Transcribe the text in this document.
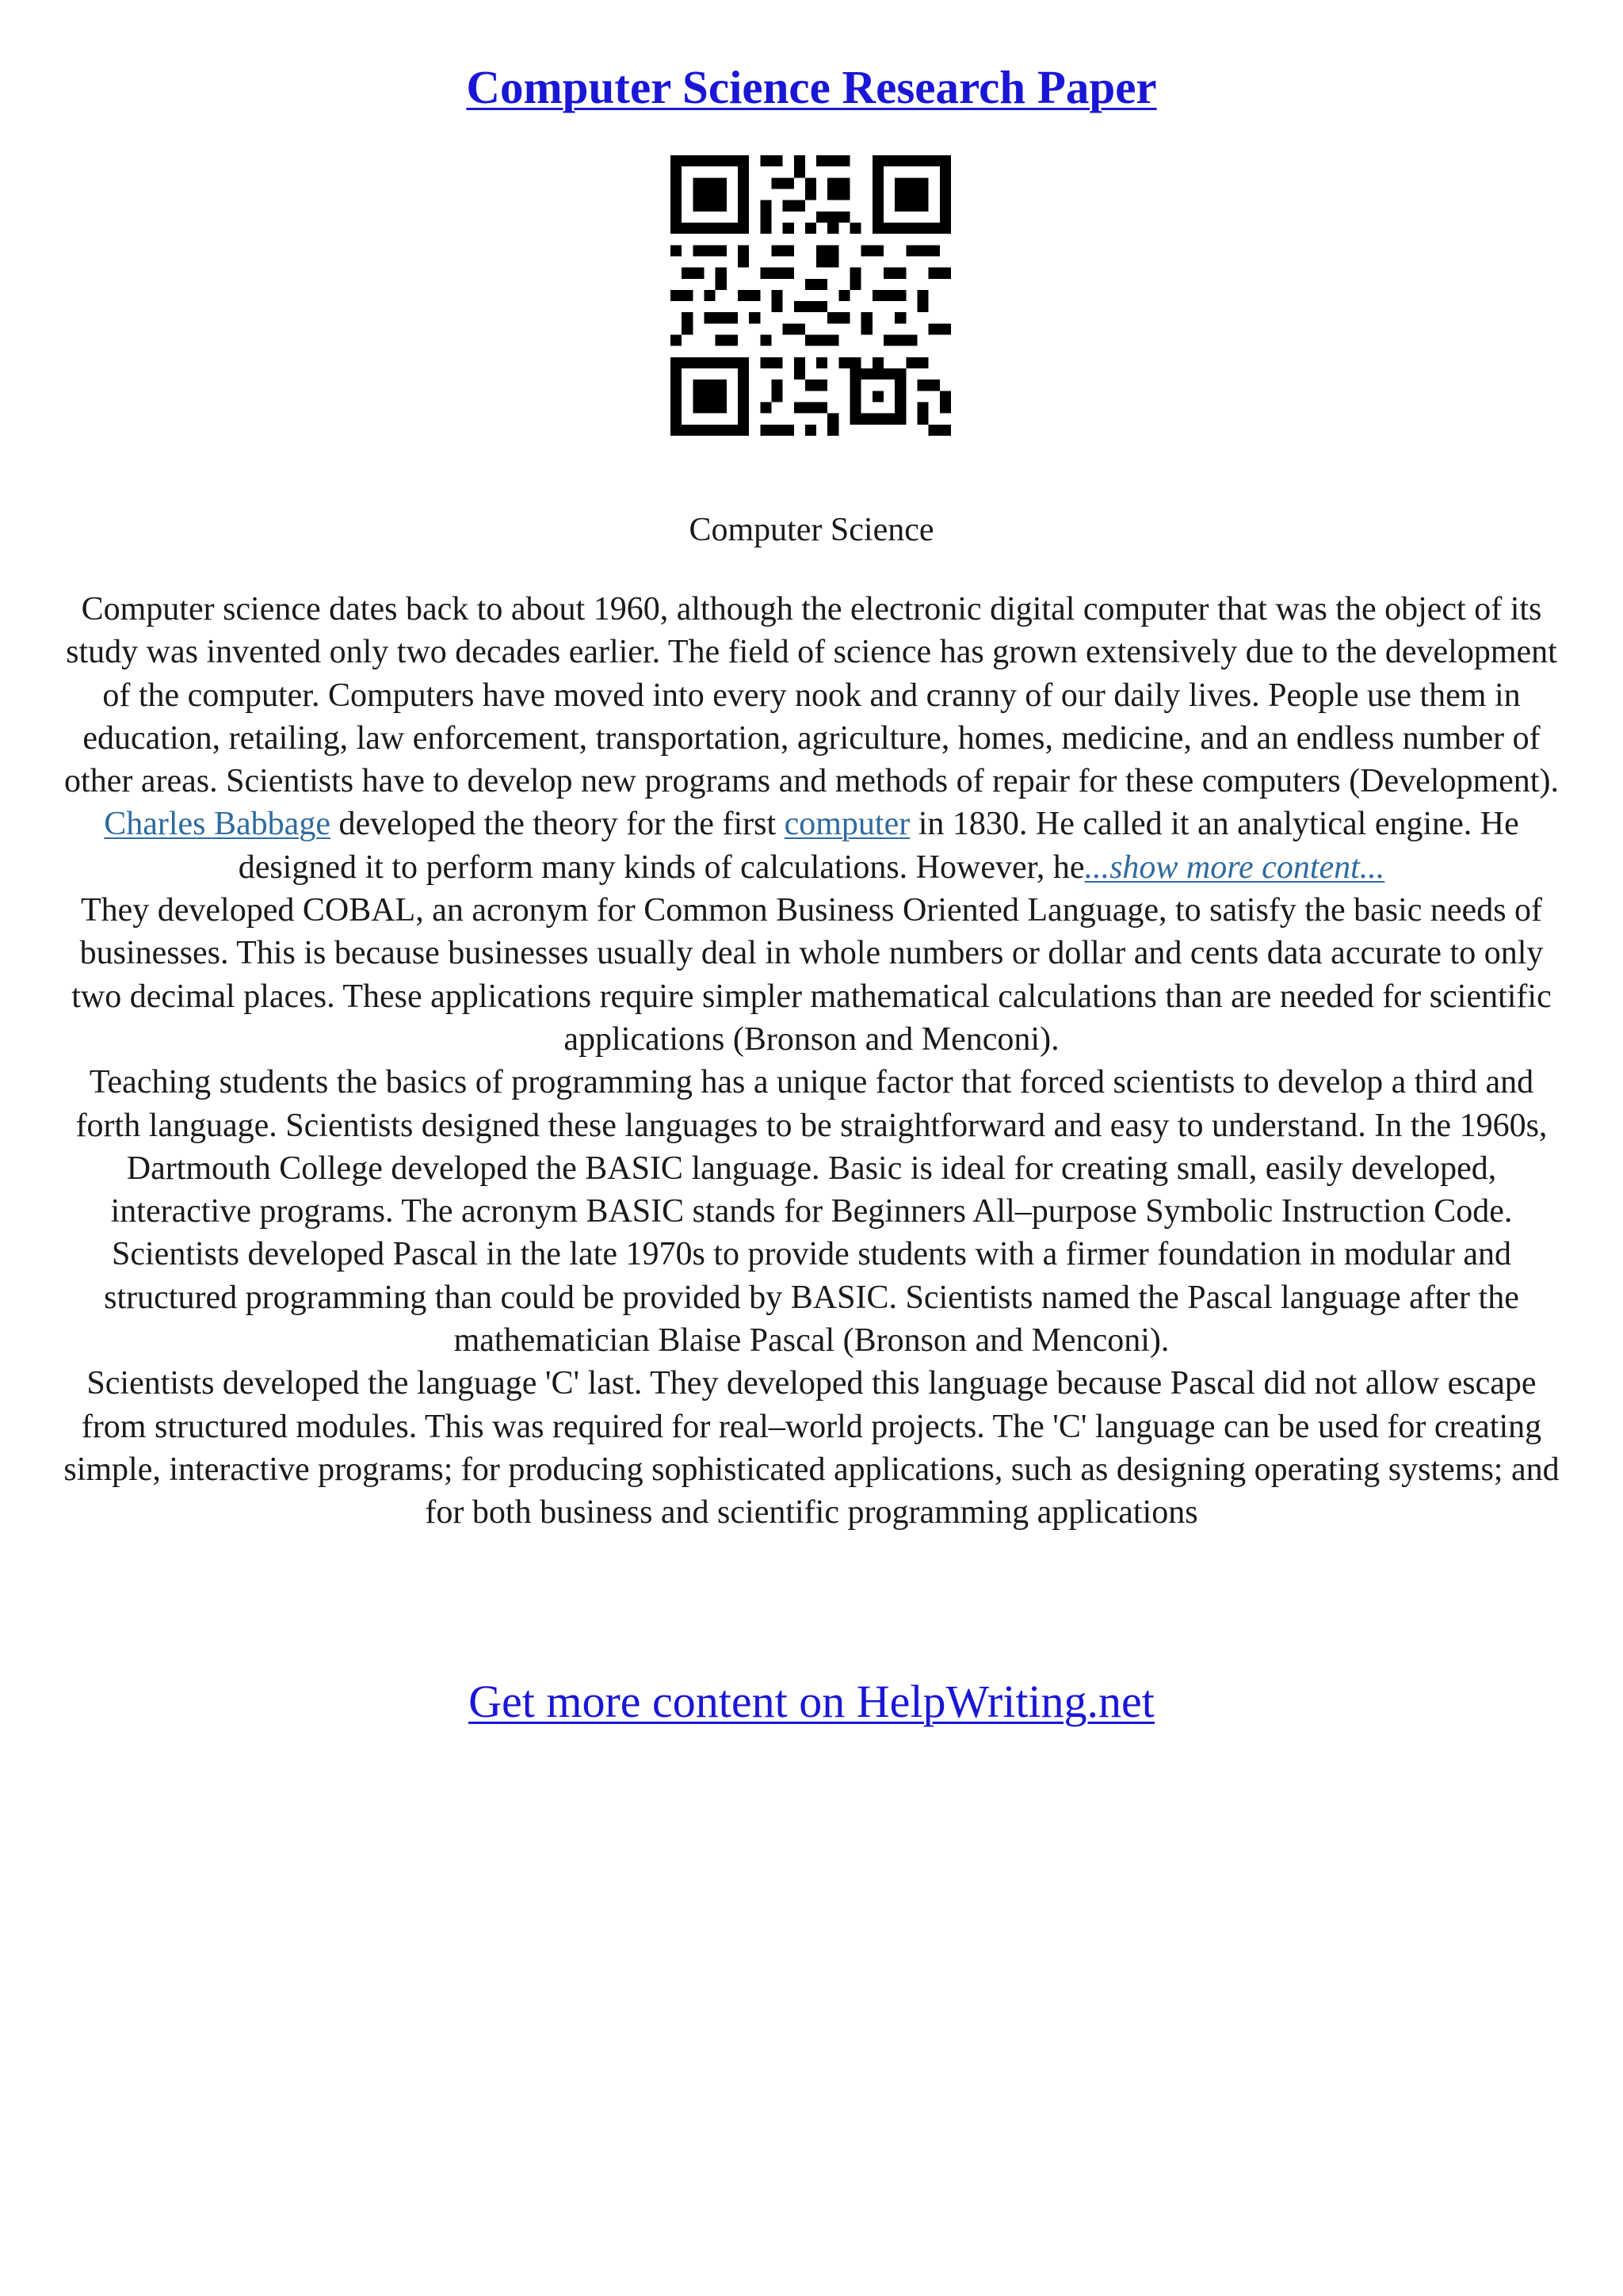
Computer Science Research Paper
Computer Science

Computer science dates back to about 1960, although the electronic digital computer that was the object of its study was invented only two decades earlier. The field of science has grown extensively due to the development of the computer. Computers have moved into every nook and cranny of our daily lives. People use them in education, retailing, law enforcement, transportation, agriculture, homes, medicine, and an endless number of other areas. Scientists have to develop new programs and methods of repair for these computers (Development).

Charles Babbage developed the theory for the first computer in 1830. He called it an analytical engine. He designed it to perform many kinds of calculations. However, he...show more content...

They developed COBAL, an acronym for Common Business Oriented Language, to satisfy the basic needs of businesses. This is because businesses usually deal in whole numbers or dollar and cents data accurate to only two decimal places. These applications require simpler mathematical calculations than are needed for scientific applications (Bronson and Menconi).

Teaching students the basics of programming has a unique factor that forced scientists to develop a third and forth language. Scientists designed these languages to be straightforward and easy to understand. In the 1960s, Dartmouth College developed the BASIC language. Basic is ideal for creating small, easily developed, interactive programs. The acronym BASIC stands for Beginners All–purpose Symbolic Instruction Code. Scientists developed Pascal in the late 1970s to provide students with a firmer foundation in modular and structured programming than could be provided by BASIC. Scientists named the Pascal language after the mathematician Blaise Pascal (Bronson and Menconi).

Scientists developed the language 'C' last. They developed this language because Pascal did not allow escape from structured modules. This was required for real–world projects. The 'C' language can be used for creating simple, interactive programs; for producing sophisticated applications, such as designing operating systems; and for both business and scientific programming applications

Get more content on HelpWriting.net
